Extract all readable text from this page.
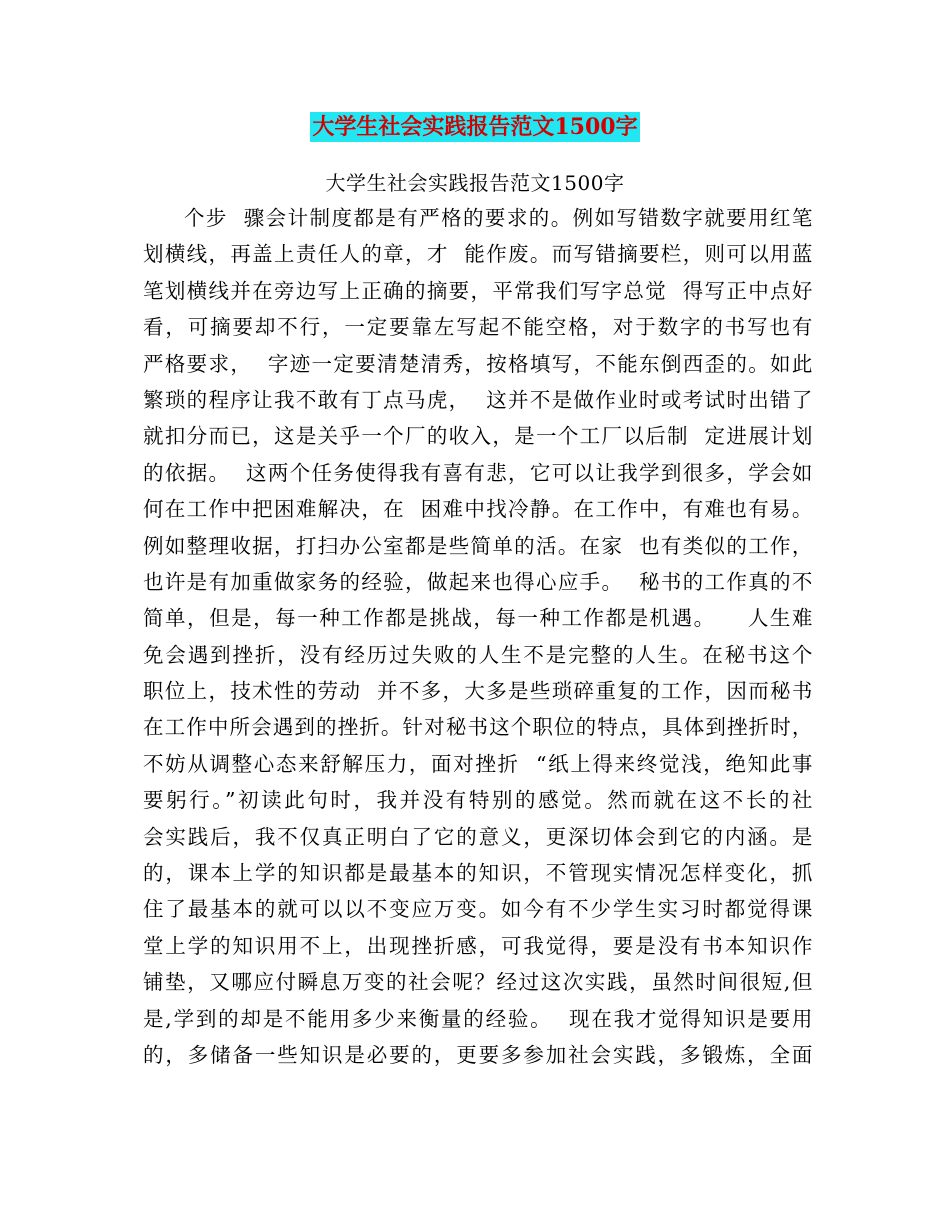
大学生社会实践报告范文1500字
大学生社会实践报告范文1500字
个步  骤会计制度都是有严格的要求的。例如写错数字就要用红笔
划横线，再盖上责任人的章，才  能作废。而写错摘要栏，则可以用蓝
笔划横线并在旁边写上正确的摘要，平常我们写字总觉  得写正中点好
看，可摘要却不行，一定要靠左写起不能空格，对于数字的书写也有
严格要求，  字迹一定要清楚清秀，按格填写，不能东倒西歪的。如此
繁琐的程序让我不敢有丁点马虎，  这并不是做作业时或考试时出错了
就扣分而已，这是关乎一个厂的收入，是一个工厂以后制  定进展计划
的依据。  这两个任务使得我有喜有悲，它可以让我学到很多，学会如
何在工作中把困难解决，在  困难中找冷静。在工作中，有难也有易。
例如整理收据，打扫办公室都是些简单的活。在家  也有类似的工作，
也许是有加重做家务的经验，做起来也得心应手。  秘书的工作真的不
简单，但是，每一种工作都是挑战，每一种工作都是机遇。    人生难
免会遇到挫折，没有经历过失败的人生不是完整的人生。在秘书这个
职位上，技术性的劳动  并不多，大多是些琐碎重复的工作，因而秘书
在工作中所会遇到的挫折。针对秘书这个职位的特点，具体到挫折时，
不妨从调整心态来舒解压力，面对挫折  “纸上得来终觉浅，绝知此事
要躬行。”初读此句时，我并没有特别的感觉。然而就在这不长的社
会实践后，我不仅真正明白了它的意义，更深切体会到它的内涵。是
的，课本上学的知识都是最基本的知识，不管现实情况怎样变化，抓
住了最基本的就可以以不变应万变。如今有不少学生实习时都觉得课
堂上学的知识用不上，出现挫折感，可我觉得，要是没有书本知识作
铺垫，又哪应付瞬息万变的社会呢？经过这次实践，虽然时间很短,但
是,学到的却是不能用多少来衡量的经验。  现在我才觉得知识是要用
的，多储备一些知识是必要的，更要多参加社会实践，多锻炼，全面
